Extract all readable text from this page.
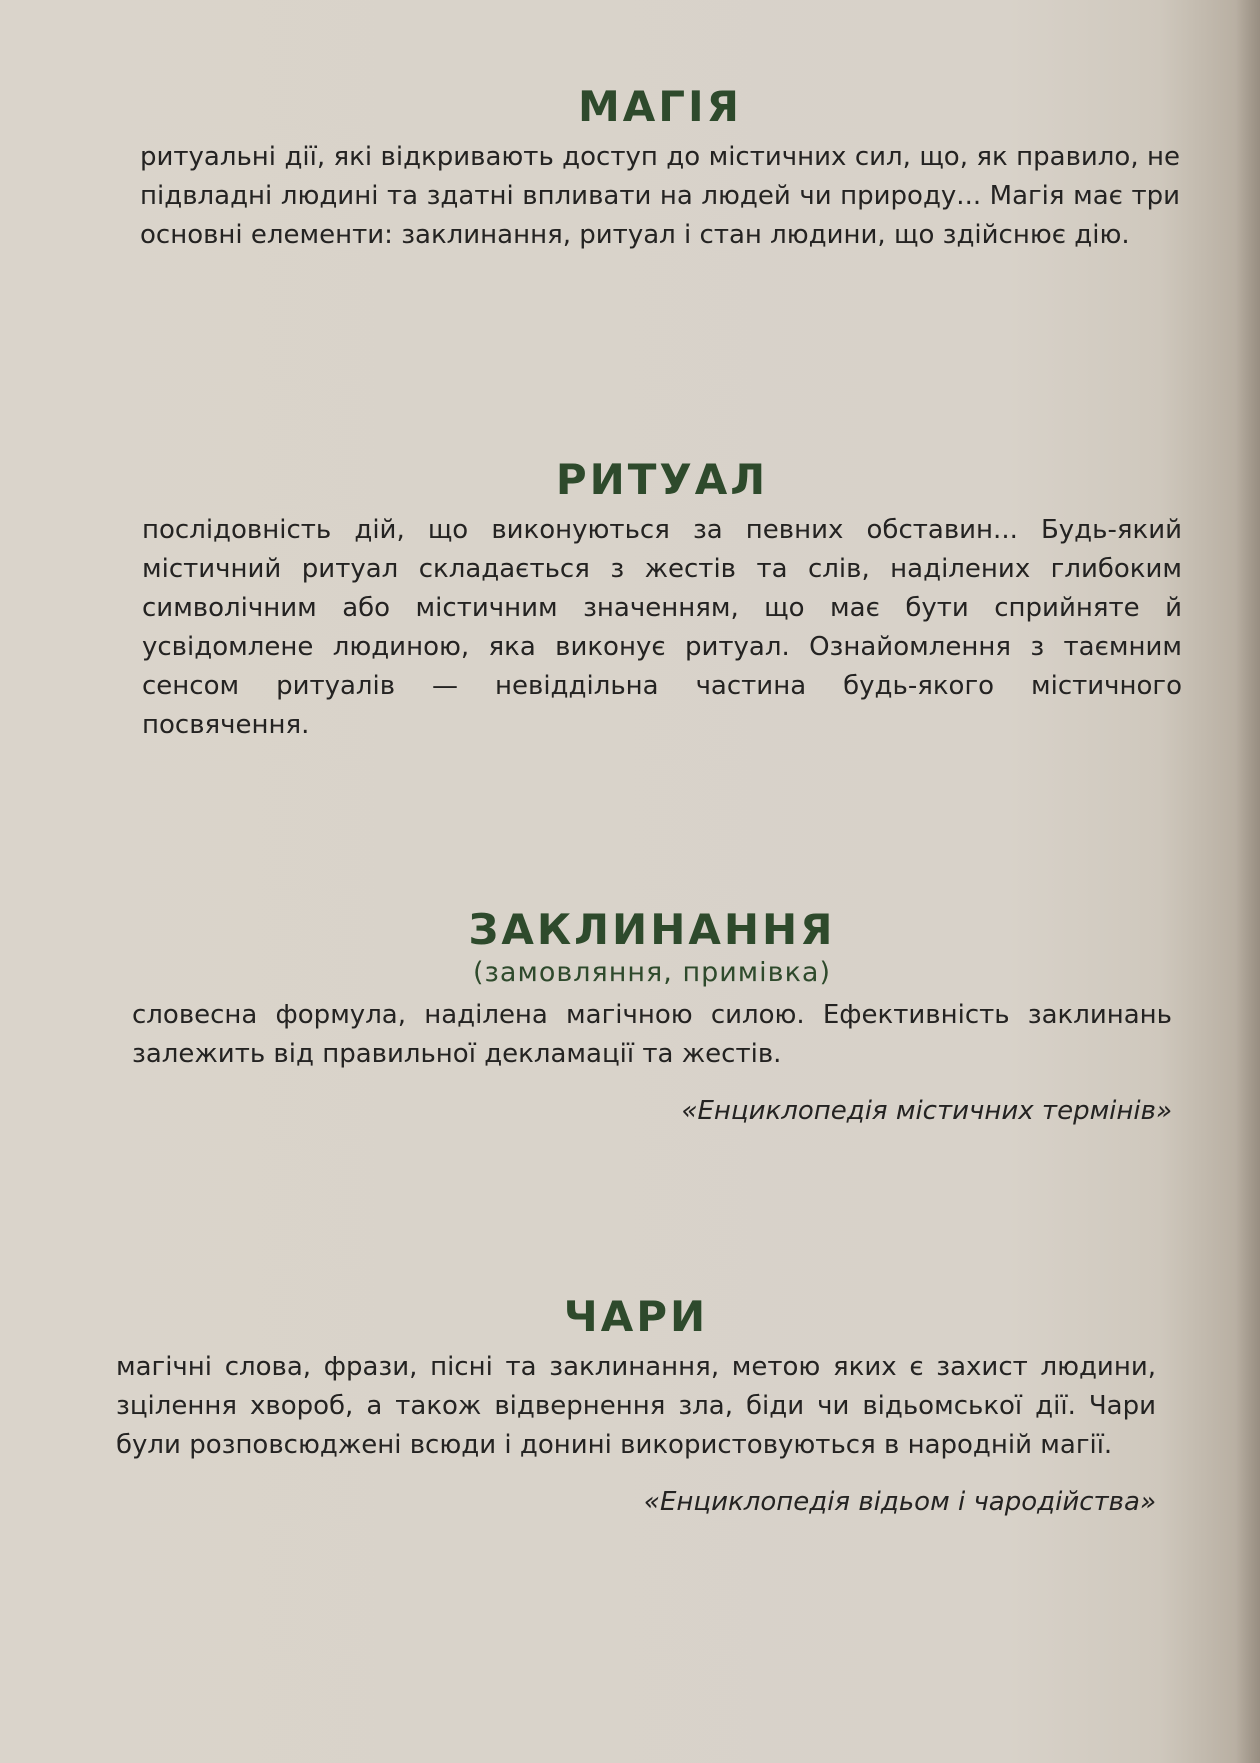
МАГІЯ

ритуальні дії, які відкривають доступ до містичних сил, що, як правило, не підвладні людині та здатні впливати на людей чи природу... Магія має три основні елементи: заклинання, ритуал і стан людини, що здійснює дію.

РИТУАЛ

послідовність дій, що виконуються за певних обставин... Будь-який містичний ритуал складається з жестів та слів, наділених глибоким символічним або містичним значенням, що має бути сприйняте й усвідомлене людиною, яка виконує ритуал. Ознайомлення з таємним сенсом ритуалів — невіддільна частина будь-якого містичного посвячення.

ЗАКЛИНАННЯ

(замовляння, примівка)

словесна формула, наділена магічною силою. Ефективність заклинань залежить від правильної декламації та жестів.

«Енциклопедія містичних термінів»

ЧАРИ

магічні слова, фрази, пісні та заклинання, метою яких є захист людини, зцілення хвороб, а також відвернення зла, біди чи відьомської дії. Чари були розповсюджені всюди і донині використовуються в народній магії.

«Енциклопедія відьом і чародійства»
